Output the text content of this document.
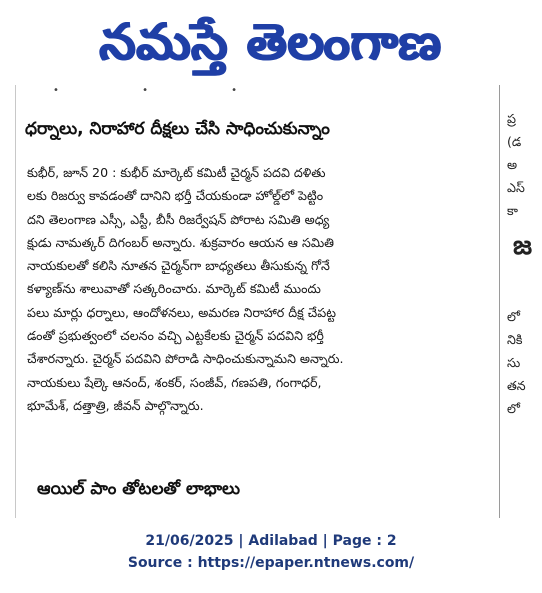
నమస్తే తెలంగాణ
• • •
ధర్నాలు, నిరాహార దీక్షలు చేసి సాధించుకున్నాం

కుభీర్, జూన్ 20 : కుభీర్ మార్కెట్ కమిటీ చైర్మన్ పదవి దళితు

లకు రిజర్వు కావడంతో దానిని భర్తీ చేయకుండా హోల్డ్‌లో పెట్టిం

దని తెలంగాణ ఎస్సీ, ఎస్టీ, బీసీ రిజర్వేషన్ పోరాట సమితి అధ్య

క్షుడు నామత్కర్ దిగంబర్ అన్నారు. శుక్రవారం ఆయన ఆ సమితి

నాయకులతో కలిసి నూతన చైర్మన్‌గా బాధ్యతలు తీసుకున్న గోనే

కళ్యాణ్‌ను శాలువాతో సత్కరించారు. మార్కెట్ కమిటీ ముందు

పలు మార్లు ధర్నాలు, ఆందోళనలు, అమరణ నిరాహార దీక్ష చేపట్ట

డంతో ప్రభుత్వంలో చలనం వచ్చి ఎట్టకేలకు చైర్మన్ పదవిని భర్తీ

చేశారన్నారు. చైర్మన్ పదవిని పోరాడి సాధించుకున్నామని అన్నారు.

నాయకులు షేల్కె ఆనంద్, శంకర్, సంజీవ్, గణపతి, గంగాధర్,

భూమేశ్, దత్తాత్రి, జీవన్ పాల్గొన్నారు.

ఆయిల్ పాం తోటలతో లాభాలు
ప్ర
(డ
అ
ఎస్
కా
జ
లో
నికి
సు
తన
లో
21/06/2025 | Adilabad | Page : 2
Source : https://epaper.ntnews.com/
